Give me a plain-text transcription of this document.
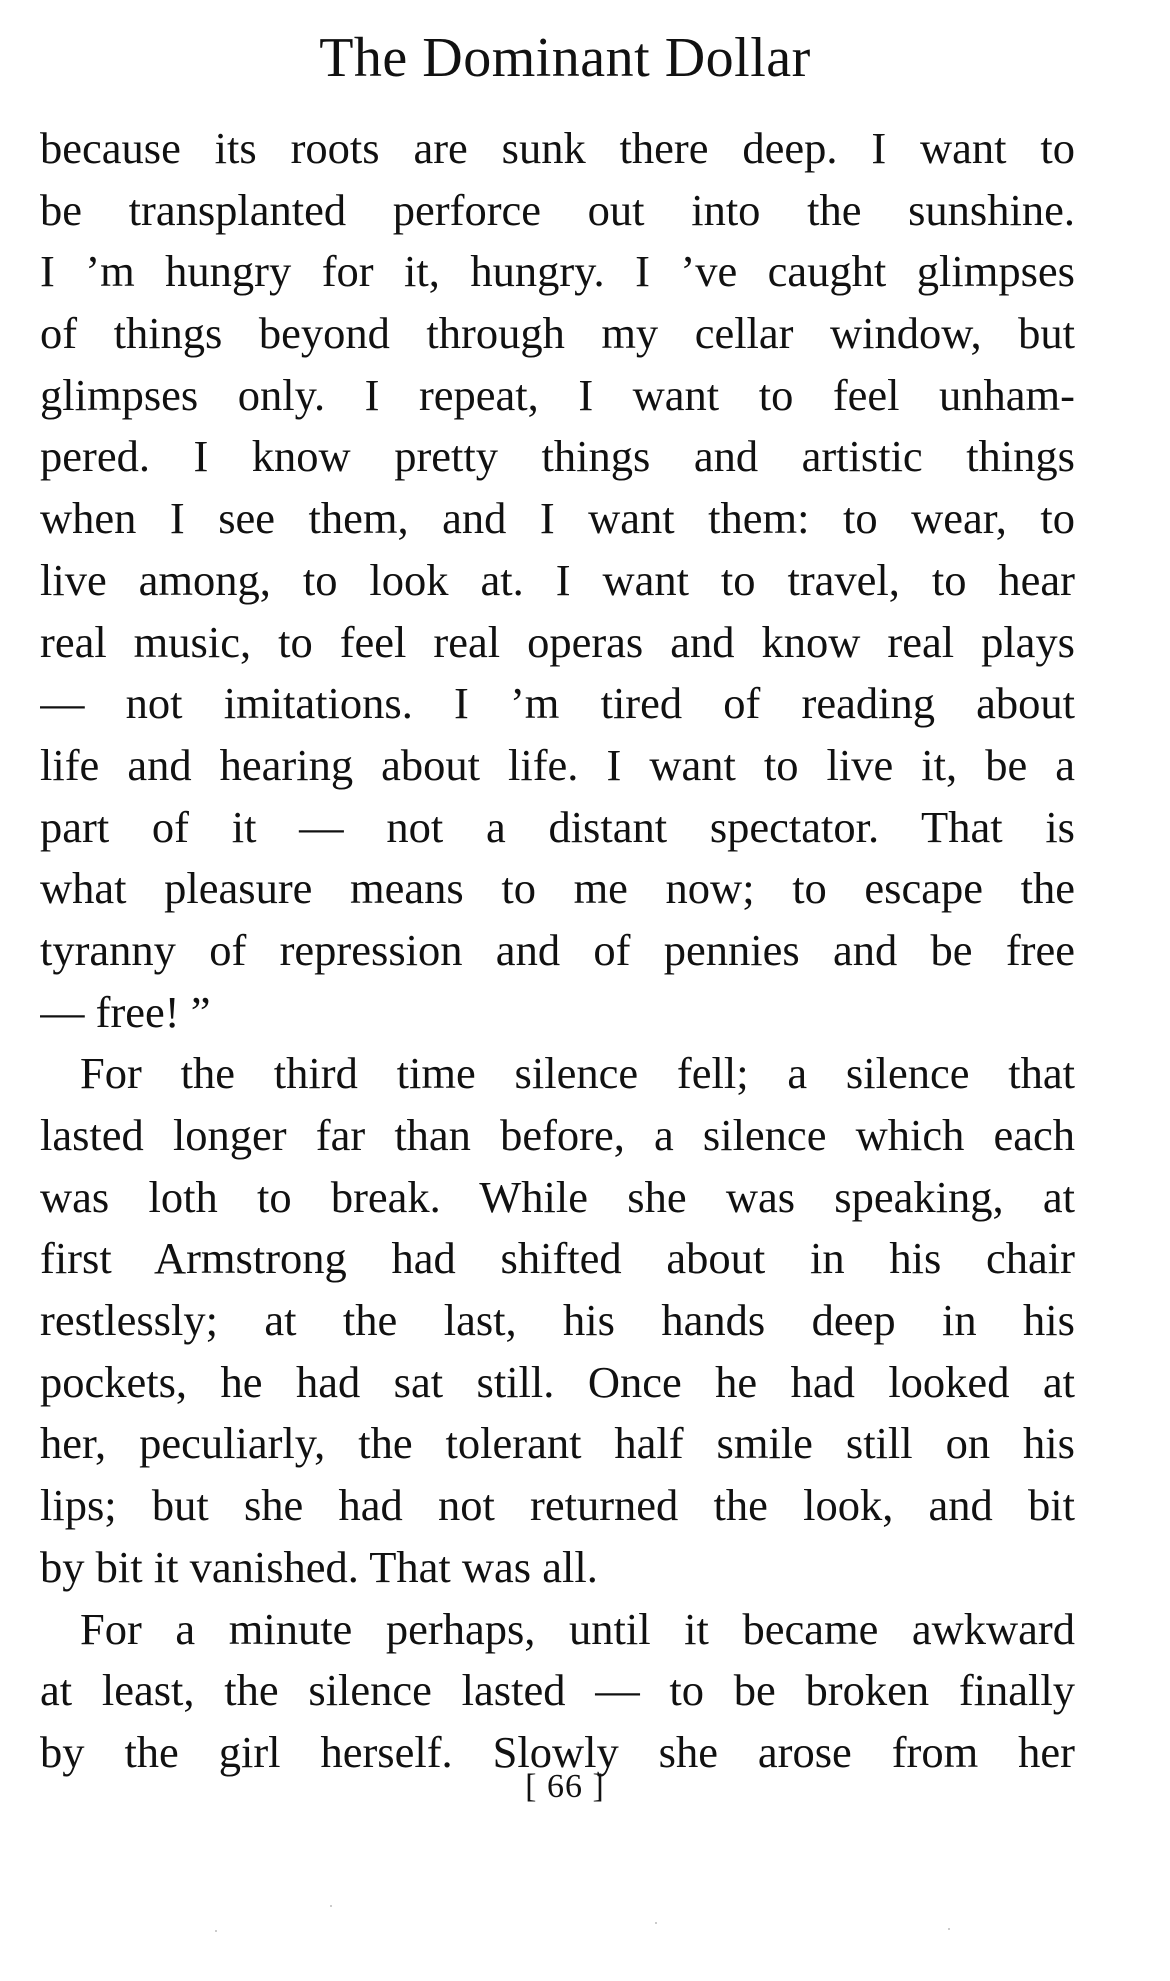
The Dominant Dollar
because its roots are sunk there deep. I want to
be transplanted perforce out into the sunshine.
I ’m hungry for it, hungry. I ’ve caught glimpses
of things beyond through my cellar window, but
glimpses only. I repeat, I want to feel unham-
pered. I know pretty things and artistic things
when I see them, and I want them: to wear, to
live among, to look at. I want to travel, to hear
real music, to feel real operas and know real plays
— not imitations. I ’m tired of reading about
life and hearing about life. I want to live it, be a
part of it — not a distant spectator. That is
what pleasure means to me now; to escape the
tyranny of repression and of pennies and be free
— free! ”
For the third time silence fell; a silence that
lasted longer far than before, a silence which each
was loth to break. While she was speaking, at
first Armstrong had shifted about in his chair
restlessly; at the last, his hands deep in his
pockets, he had sat still. Once he had looked at
her, peculiarly, the tolerant half smile still on his
lips; but she had not returned the look, and bit
by bit it vanished. That was all.
For a minute perhaps, until it became awkward
at least, the silence lasted — to be broken finally
by the girl herself. Slowly she arose from her
[ 66 ]
